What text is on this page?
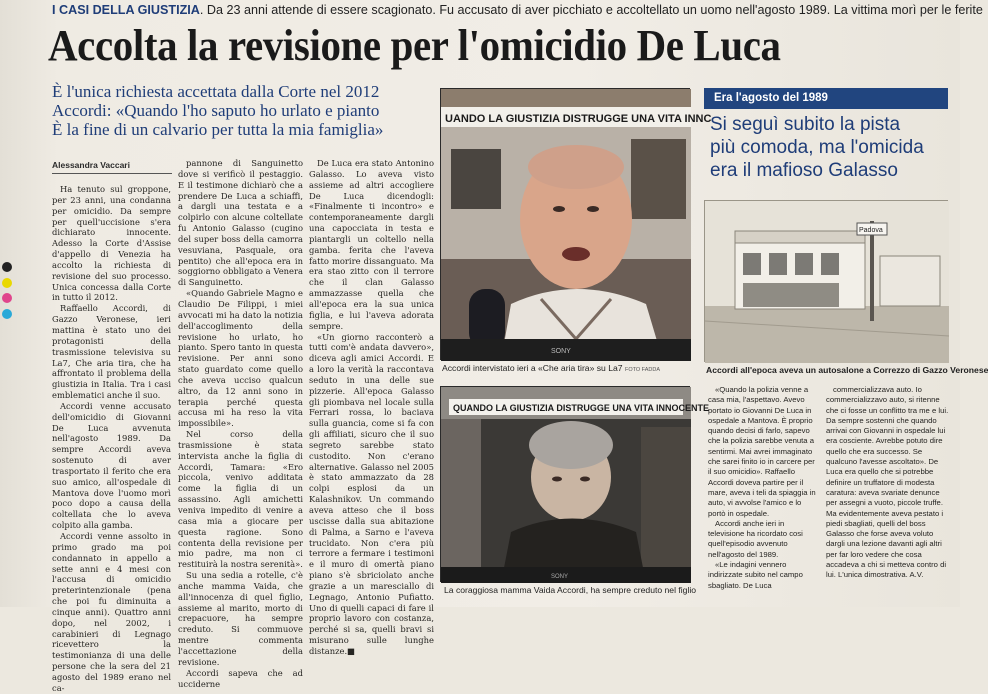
I CASI DELLA GIUSTIZIA. Da 23 anni attende di essere scagionato. Fu accusato di aver picchiato e accoltellato un uomo nell'agosto 1989. La vittima morì per le ferite
Accolta la revisione per l'omicidio De Luca
È l'unica richiesta accettata dalla Corte nel 2012
Accordi: «Quando l'ho saputo ho urlato e pianto
È la fine di un calvario per tutta la mia famiglia»
Alessandra Vaccari

Ha tenuto sul groppone, per 23 anni, una condanna per omicidio. Da sempre per quell'uccisione s'era dichiarato innocente. Adesso la Corte d'Assise d'appello di Venezia ha accolto la richiesta di revisione del suo processo. Unica concessa dalla Corte in tutto il 2012.

Raffaello Accordi, di Gazzo Veronese, ieri mattina è stato uno dei protagonisti della trasmissione televisiva su La7, Che aria tira, che ha affrontato il problema della giustizia in Italia. Tra i casi emblematici anche il suo.

Accordi venne accusato dell'omicidio di Giovanni De Luca avvenuta nell'agosto 1989. Da sempre Accordi aveva sostenuto di aver trasportato il ferito che era suo amico, all'ospedale di Mantova dove l'uomo morì poco dopo a causa della coltellata che lo aveva colpito alla gamba.

Accordi venne assolto in primo grado ma poi condannato in appello a sette anni e 4 mesi con l'accusa di omicidio preterintenzionale (pena che poi fu diminuita a cinque anni). Quattro anni dopo, nel 2002, i carabinieri di Legnago ricevettero la testimonianza di una delle persone che la sera del 21 agosto del 1989 erano nel ca-

pannone di Sanguinetto dove si verificò il pestaggio. E il testimone dichiarò che a prendere De Luca a schiaffi, a dargli una testata e a colpirlo con alcune coltellate fu Antonio Galasso (cugino del super boss della camorra vesuviana, Pasquale, ora pentito) che all'epoca era in soggiorno obbligato a Venera di Sanguinetto.

«Quando Gabriele Magno e Claudio De Filippi, i miei avvocati mi ha dato la notizia dell'accoglimento della revisione ho urlato, ho pianto. Spero tanto in questa revisione. Per anni sono stato guardato come quello che aveva ucciso qualcun altro, da 12 anni sono in terapia perché questa accusa mi ha reso la vita impossibile».

Nel corso della trasmissione è stata intervista anche la figlia di Accordi, Tamara: «Ero piccola, venivo additata come la figlia di un assassino. Agli amichetti veniva impedito di venire a casa mia a giocare per questa ragione. Sono contenta della revisione per mio padre, ma non ci restituirà la nostra serenità».

Su una sedia a rotelle, c'è anche mamma Vaida, che all'innocenza di quel figlio, assieme al marito, morto di crepacuore, ha sempre creduto. Si commuove mentre commenta l'accettazione della revisione.

Accordi sapeva che ad ucciderne

De Luca era stato Antonino Galasso. Lo aveva visto assieme ad altri accogliere De Luca dicendogli: «Finalmente ti incontro» e contemporaneamente dargli una capocciata in testa e piantargli un coltello nella gamba. ferita che l'aveva fatto morire dissanguato. Ma era stao zitto con il terrore che il clan Galasso ammazzasse quella che all'epoca era la sua unica figlia, e lui l'aveva adorata sempre.

«Un giorno racconterò a tutti com'è andata davvero», diceva agli amici Accordi. E a loro la verità la raccontava seduto in una delle sue pizzerie. All'epoca Galasso gli piombava nel locale sulla Ferrari rossa, lo baciava sulla guancia, come si fa con gli affiliati, sicuro che il suo segreto sarebbe stato custodito. Non c'erano alternative. Galasso nel 2005 è stato ammazzato da 28 colpi esplosi da un Kalashnikov. Un commando aveva atteso che il boss uscisse dalla sua abitazione di Palma, a Sarno e l'aveva trucidato. Non c'era più terrore a fermare i testimoni e il muro di omertà piano piano s'è sbriciolato anche grazie a un maresciallo di Legnago, Antonio Pufiatto. Uno di quelli capaci di fare il proprio lavoro con costanza, perché si sa, quelli bravi si misurano sulle lunghe distanze.■

UANDO LA GIUSTIZIA DISTRUGGE UNA VITA INNC
SONY
Accordi intervistato ieri a «Che aria tira» su La7 FOTO FADDA
QUANDO LA GIUSTIZIA DISTRUGGE UNA VITA INNOCENTE
SONY
La coraggiosa mamma Vaida Accordi, ha sempre creduto nel figlio
Era l'agosto del 1989
Si seguì subito la pista
più comoda, ma l'omicida
era il mafioso Galasso
Padova
Accordi all'epoca aveva un autosalone a Correzzo di Gazzo Veronese

«Quando la polizia venne a casa mia, l'aspettavo. Avevo portato io Giovanni De Luca in ospedale a Mantova. È proprio quando decisi di farlo, sapevo che la polizia sarebbe venuta a sentirmi. Mai avrei immaginato che sarei finito io in carcere per il suo omicidio». Raffaello Accordi doveva partire per il mare, aveva i teli da spiaggia in auto, vi avvolse l'amico e lo portò in ospedale.

Accordi anche ieri in televisione ha ricordato cosi quell'episodio avvenuto nell'agosto del 1989.

«Le indagini vennero indirizzate subito nel campo sbagliato. De Luca

commercializzava auto. Io commercializzavo auto, si ritenne che ci fosse un conflitto tra me e lui. Da sempre sostenni che quando arrivai con Giovanni in ospedale lui era cosciente. Avrebbe potuto dire quello che era successo. Se qualcuno l'avesse ascoltato». De Luca era quello che si potrebbe definire un truffatore di modesta caratura: aveva svariate denunce per assegni a vuoto, piccole truffe. Ma evidentemente aveva pestato i piedi sbagliati, quelli del boss Galasso che forse aveva voluto dargli una lezione davanti agli altri per far loro vedere che cosa accadeva a chi si metteva contro di lui. L'unica dimostrativa. A.V.
